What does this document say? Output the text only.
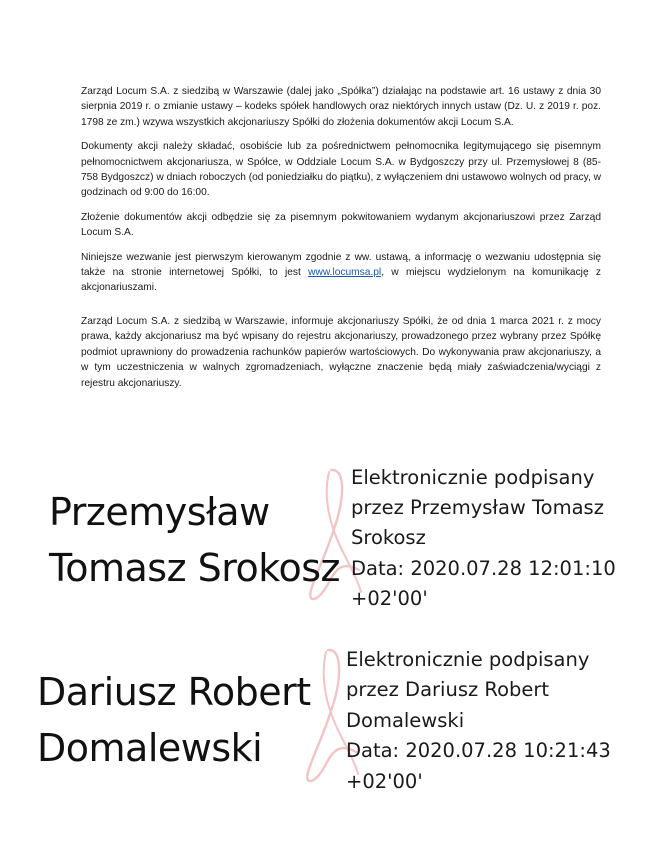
Zarząd Locum S.A. z siedzibą w Warszawie (dalej jako „Spółka”) działając na podstawie art. 16 ustawy z dnia 30 sierpnia 2019 r. o zmianie ustawy – kodeks spółek handlowych oraz niektórych innych ustaw (Dz. U. z 2019 r. poz. 1798 ze zm.) wzywa wszystkich akcjonariuszy Spółki do złożenia dokumentów akcji Locum S.A.

Dokumenty akcji należy składać, osobiście lub za pośrednictwem pełnomocnika legitymującego się pisemnym pełnomocnictwem akcjonariusza, w Spółce, w Oddziale Locum S.A. w Bydgoszczy przy ul. Przemysłowej 8 (85-758 Bydgoszcz) w dniach roboczych (od poniedziałku do piątku), z wyłączeniem dni ustawowo wolnych od pracy, w godzinach od 9:00 do 16:00.

Złożenie dokumentów akcji odbędzie się za pisemnym pokwitowaniem wydanym akcjonariuszowi przez Zarząd Locum S.A.

Niniejsze wezwanie jest pierwszym kierowanym zgodnie z ww. ustawą, a informację o wezwaniu udostępnia się także na stronie internetowej Spółki, to jest www.locumsa.pl, w miejscu wydzielonym na komunikację z akcjonariuszami.

Zarząd Locum S.A. z siedzibą w Warszawie, informuje akcjonariuszy Spółki, że od dnia 1 marca 2021 r. z mocy prawa, każdy akcjonariusz ma być wpisany do rejestru akcjonariuszy, prowadzonego przez wybrany przez Spółkę podmiot uprawniony do prowadzenia rachunków papierów wartościowych. Do wykonywania praw akcjonariuszy, a w tym uczestniczenia w walnych zgromadzeniach, wyłączne znaczenie będą miały zaświadczenia/wyciągi z rejestru akcjonariuszy.

Przemysław
Tomasz Srokosz
Elektronicznie podpisany
przez Przemysław Tomasz
Srokosz
Data: 2020.07.28 12:01:10
+02'00'
Dariusz Robert
Domalewski
Elektronicznie podpisany
przez Dariusz Robert
Domalewski
Data: 2020.07.28 10:21:43
+02'00'
